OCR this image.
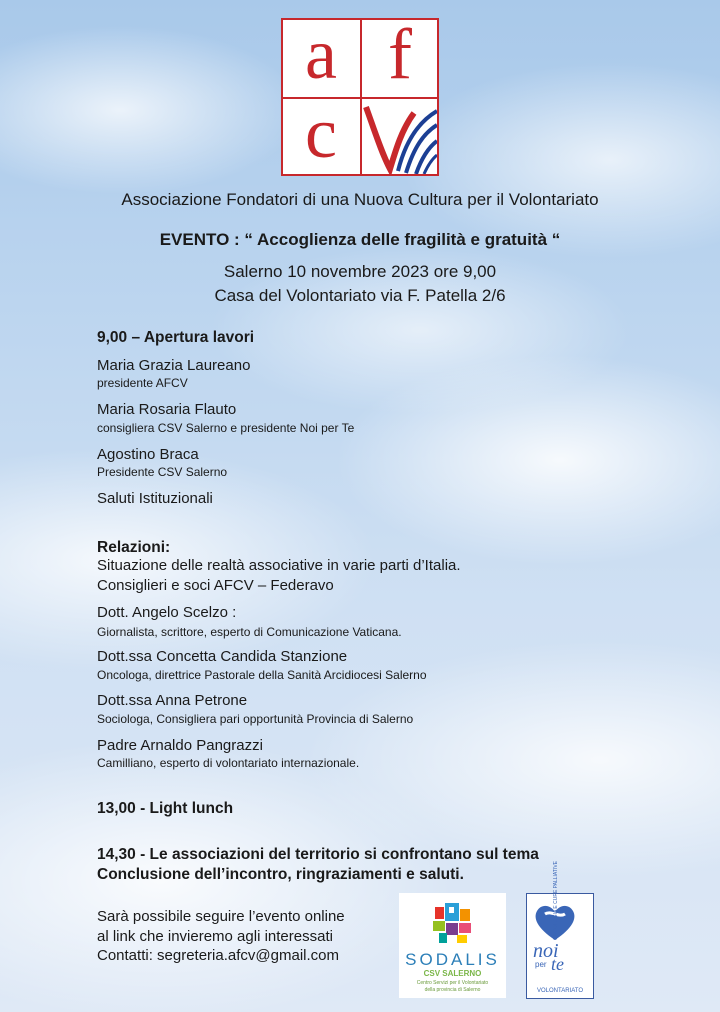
a f
c
Associazione Fondatori di una Nuova Cultura per il Volontariato
EVENTO : “ Accoglienza delle fragilità e gratuità “
Salerno 10 novembre 2023 ore 9,00
Casa del Volontariato via F. Patella 2/6
9,00 – Apertura lavori
Maria Grazia Laureano
presidente AFCV
Maria Rosaria Flauto
consigliera CSV Salerno e presidente Noi per Te
Agostino Braca
Presidente CSV Salerno
Saluti Istituzionali
Relazioni:
Situazione delle realtà associative in varie parti d’Italia.
Consiglieri e soci AFCV – Federavo
Dott. Angelo Scelzo :
Giornalista, scrittore, esperto di Comunicazione Vaticana.
Dott.ssa Concetta Candida Stanzione
Oncologa, direttrice Pastorale della Sanità Arcidiocesi Salerno
Dott.ssa Anna Petrone
Sociologa, Consigliera pari opportunità Provincia di Salerno
Padre Arnaldo Pangrazzi
Camilliano, esperto di volontariato internazionale.
13,00 - Light lunch
14,30 - Le associazioni del territorio si confrontano sul tema
Conclusione dell’incontro, ringraziamenti e saluti.
Sarà possibile seguire l’evento online
al link che invieremo agli interessati
Contatti: segreteria.afcv@gmail.com	SODALIS
CSV SALERNO
Centro Servizi per il Volontariato
della provincia di Salerno
noi
per te
ONCOLOGIA E CURE PALLIATIVE
VOLONTARIATO
